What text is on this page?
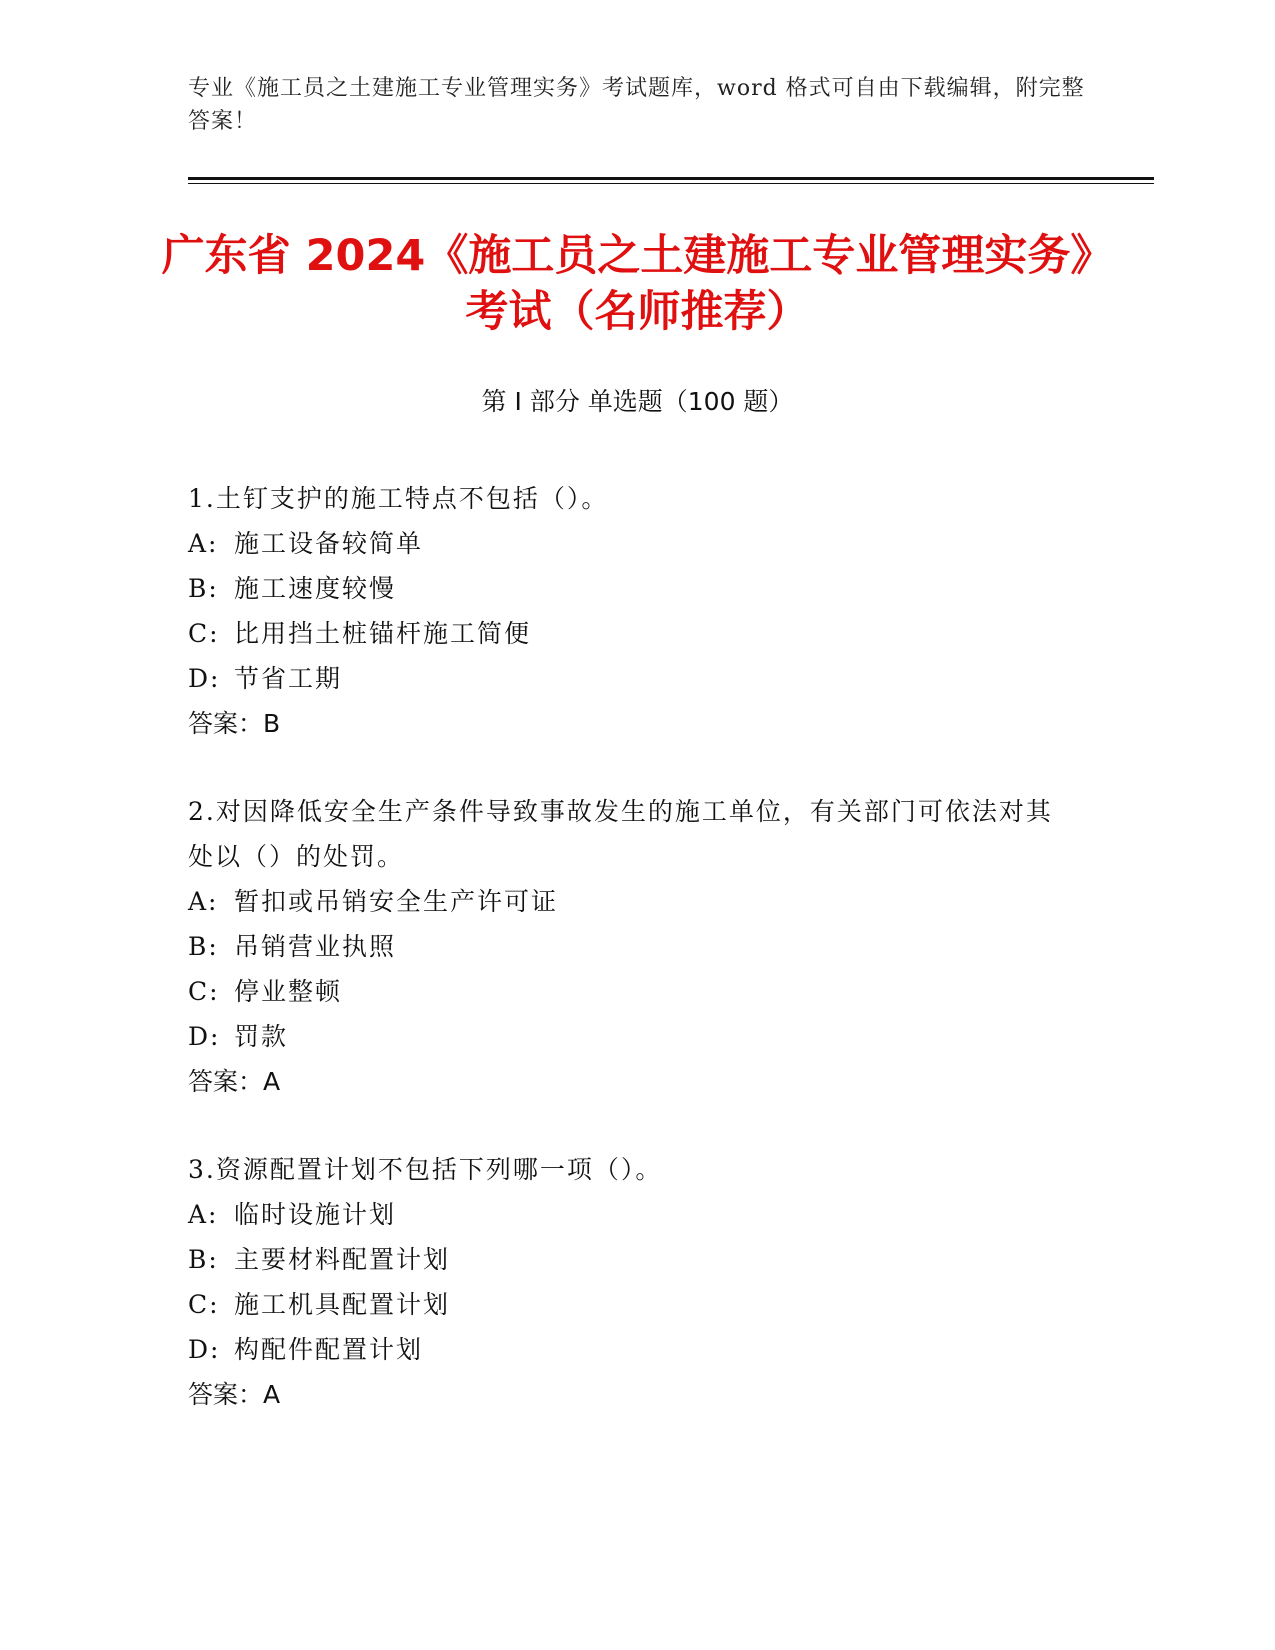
专业《施工员之土建施工专业管理实务》考试题库，word 格式可自由下载编辑，附完整答案！
广东省 2024《施工员之土建施工专业管理实务》考试（名师推荐）
第 I 部分 单选题（100 题）
1.土钉支护的施工特点不包括（）。
A: 施工设备较简单
B: 施工速度较慢
C: 比用挡土桩锚杆施工简便
D: 节省工期
答案：B
2.对因降低安全生产条件导致事故发生的施工单位，有关部门可依法对其处以（）的处罚。
A: 暂扣或吊销安全生产许可证
B: 吊销营业执照
C: 停业整顿
D: 罚款
答案：A
3.资源配置计划不包括下列哪一项（）。
A: 临时设施计划
B: 主要材料配置计划
C: 施工机具配置计划
D: 构配件配置计划
答案：A
